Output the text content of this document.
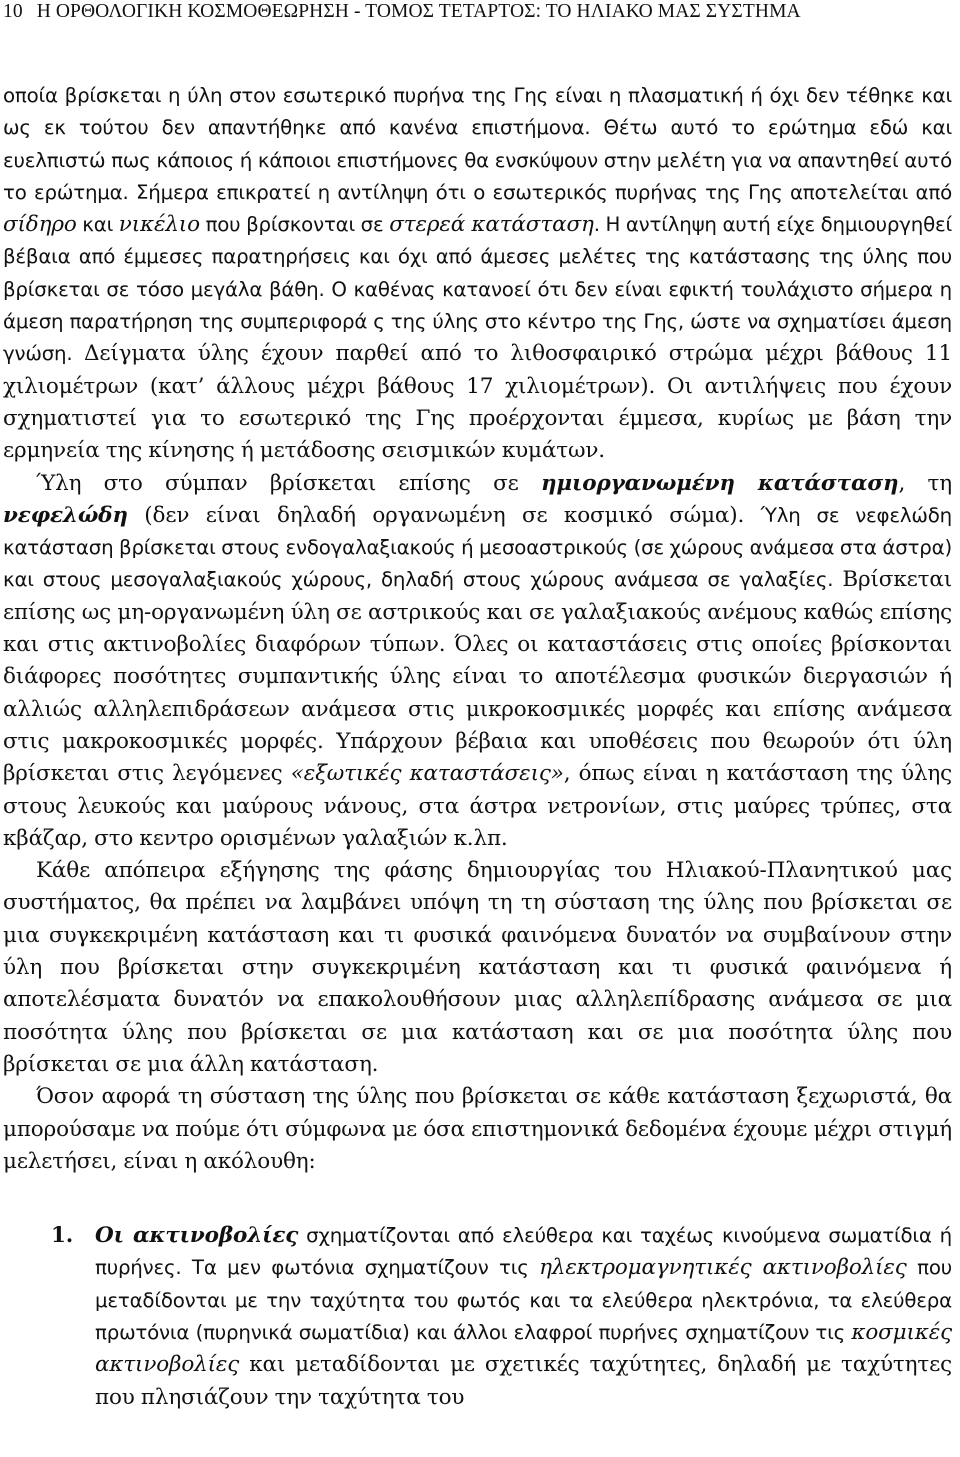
10 Η ΟΡΘΟΛΟΓΙΚΗ ΚΟΣΜΟΘΕΩΡΗΣΗ - ΤΟΜΟΣ ΤΕΤΑΡΤΟΣ: ΤΟ ΗΛΙΑΚΟ ΜΑΣ ΣΥΣΤΗΜΑ

οποία βρίσκεται η ύλη στον εσωτερικό πυρήνα της Γης είναι η πλασματική ή όχι δεν τέθηκε και ως εκ τούτου δεν απαντήθηκε από κανένα επιστήμονα. Θέτω αυτό το ερώτημα εδώ και ευελπιστώ πως κάποιος ή κάποιοι επιστήμονες θα ενσκύψουν στην μελέτη για να απαντηθεί αυτό το ερώτημα. Σήμερα επικρατεί η αντίληψη ότι ο εσωτερικός πυρήνας της Γης αποτελείται από σίδηρο και νικέλιο που βρίσκονται σε στερεά κατάσταση. Η αντίληψη αυτή είχε δημιουργηθεί βέβαια από έμμεσες παρατηρήσεις και όχι από άμεσες μελέτες της κατάστασης της ύλης που βρίσκεται σε τόσο μεγάλα βάθη. Ο καθένας κατανοεί ότι δεν είναι εφικτή τουλάχιστο σήμερα η άμεση παρατήρηση της συμπεριφορά ς της ύλης στο κέντρο της Γης, ώστε να σχηματίσει άμεση γνώση. Δείγματα ύλης έχουν παρθεί από το λιθοσφαιρικό στρώμα μέχρι βάθους 11 χιλιομέτρων (κατ’ άλλους μέχρι βάθους 17 χιλιομέτρων). Οι αντιλήψεις που έχουν σχηματιστεί για το εσωτερικό της Γης προέρχονται έμμεσα, κυρίως με βάση την ερμηνεία της κίνησης ή μετάδοσης σεισμικών κυμάτων.

Ύλη στο σύμπαν βρίσκεται επίσης σε ημιοργανωμένη κατάσταση, τη νεφελώδη (δεν είναι δηλαδή οργανωμένη σε κοσμικό σώμα). Ύλη σε νεφελώδη κατάσταση βρίσκεται στους ενδογαλαξιακούς ή μεσοαστρικούς (σε χώρους ανάμεσα στα άστρα) και στους μεσογαλαξιακούς χώρους, δηλαδή στους χώρους ανάμεσα σε γαλαξίες. Βρίσκεται επίσης ως μη-οργανωμένη ύλη σε αστρικούς και σε γαλαξιακούς ανέμους καθώς επίσης και στις ακτινοβολίες διαφόρων τύπων. Όλες οι καταστάσεις στις οποίες βρίσκονται διάφορες ποσότητες συμπαντικής ύλης είναι το αποτέλεσμα φυσικών διεργασιών ή αλλιώς αλληλεπιδράσεων ανάμεσα στις μικροκοσμικές μορφές και επίσης ανάμεσα στις μακροκοσμικές μορφές. Υπάρχουν βέβαια και υποθέσεις που θεωρούν ότι ύλη βρίσκεται στις λεγόμενες «εξωτικές καταστάσεις», όπως είναι η κατάσταση της ύλης στους λευκούς και μαύρους νάνους, στα άστρα νετρονίων, στις μαύρες τρύπες, στα κβάζαρ, στο κεντρο ορισμένων γαλαξιών κ.λπ.

Κάθε απόπειρα εξήγησης της φάσης δημιουργίας του Ηλιακού-Πλανητικού μας συστήματος, θα πρέπει να λαμβάνει υπόψη τη τη σύσταση της ύλης που βρίσκεται σε μια συγκεκριμένη κατάσταση και τι φυσικά φαινόμενα δυνατόν να συμβαίνουν στην ύλη που βρίσκεται στην συγκεκριμένη κατάσταση και τι φυσικά φαινόμενα ή αποτελέσματα δυνατόν να επακολουθήσουν μιας αλληλεπίδρασης ανάμεσα σε μια ποσότητα ύλης που βρίσκεται σε μια κατάσταση και σε μια ποσότητα ύλης που βρίσκεται σε μια άλλη κατάσταση.

Όσον αφορά τη σύσταση της ύλης που βρίσκεται σε κάθε κατάσταση ξεχωριστά, θα μπορούσαμε να πούμε ότι σύμφωνα με όσα επιστημονικά δεδομένα έχουμε μέχρι στιγμή μελετήσει, είναι η ακόλουθη:

1. Οι ακτινοβολίες σχηματίζονται από ελεύθερα και ταχέως κινούμενα σωματίδια ή πυρήνες. Τα μεν φωτόνια σχηματίζουν τις ηλεκτρομαγνητικές ακτινοβολίες που μεταδίδονται με την ταχύτητα του φωτός και τα ελεύθερα ηλεκτρόνια, τα ελεύθερα πρωτόνια (πυρηνικά σωματίδια) και άλλοι ελαφροί πυρήνες σχηματίζουν τις κοσμικές ακτινοβολίες και μεταδίδονται με σχετικές ταχύτητες, δηλαδή με ταχύτητες που πλησιάζουν την ταχύτητα του
